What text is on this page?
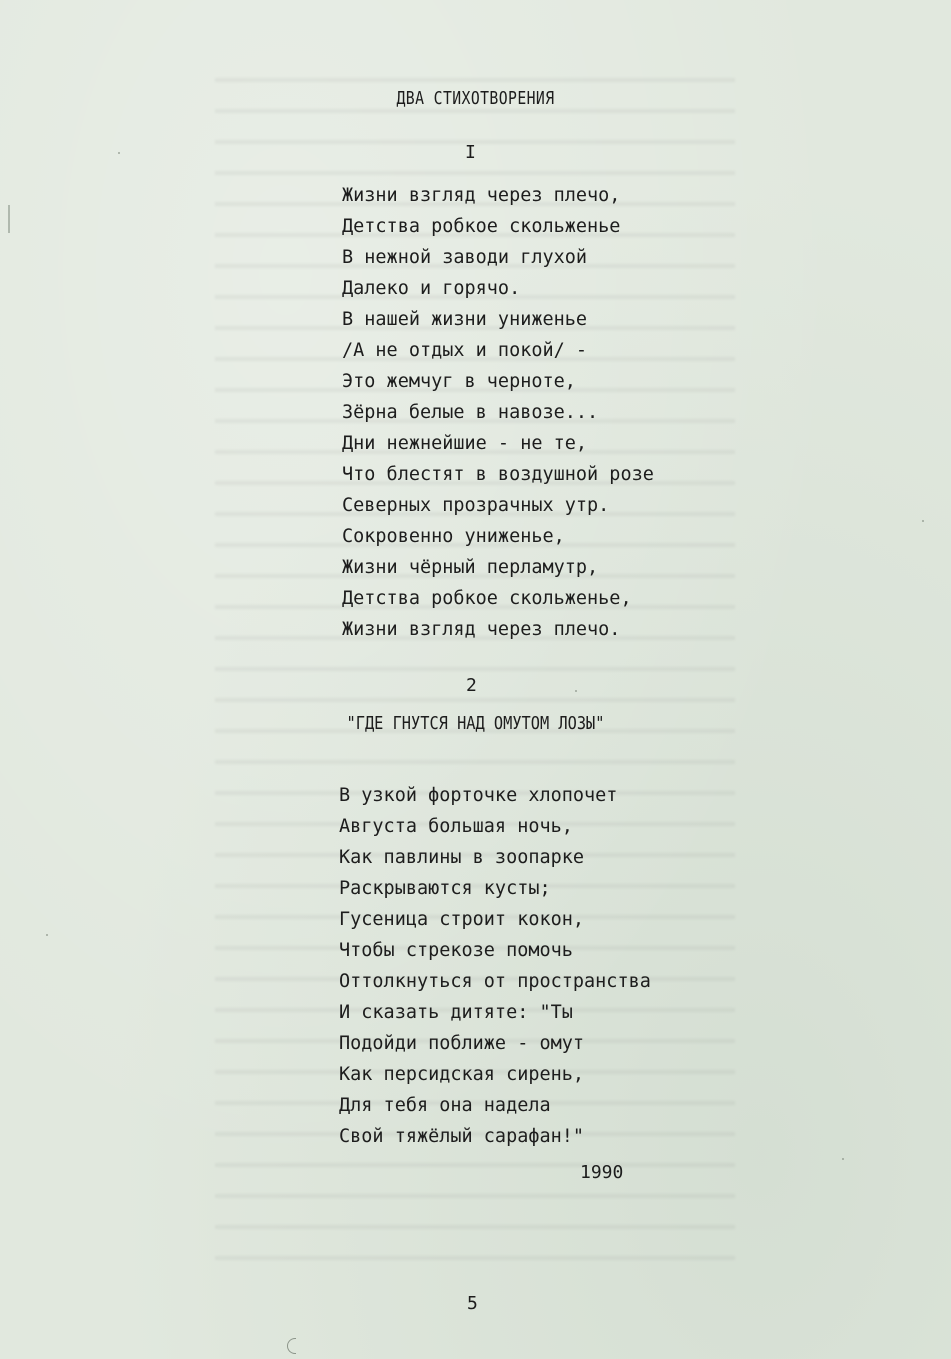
ДВА СТИХОТВОРЕНИЯ
I
Жизни взгляд через плечо,
Детства робкое скольженье
В нежной заводи глухой
Далеко и горячо.
В нашей жизни униженье
/А не отдых и покой/ -
Это жемчуг в черноте,
Зёрна белые в навозе...
Дни нежнейшие - не те,
Что блестят в воздушной розе
Северных прозрачных утр.
Сокровенно униженье,
Жизни чёрный перламутр,
Детства робкое скольженье,
Жизни взгляд через плечо.
2
"ГДЕ ГНУТСЯ НАД ОМУТОМ ЛОЗЫ"
В узкой форточке хлопочет
Августа большая ночь,
Как павлины в зоопарке
Раскрываются кусты;
Гусеница строит кокон,
Чтобы стрекозе помочь
Оттолкнуться от пространства
И сказать дитяте: "Ты
Подойди поближе - омут
Как персидская сирень,
Для тебя она надела
Свой тяжёлый сарафан!"
1990
5
